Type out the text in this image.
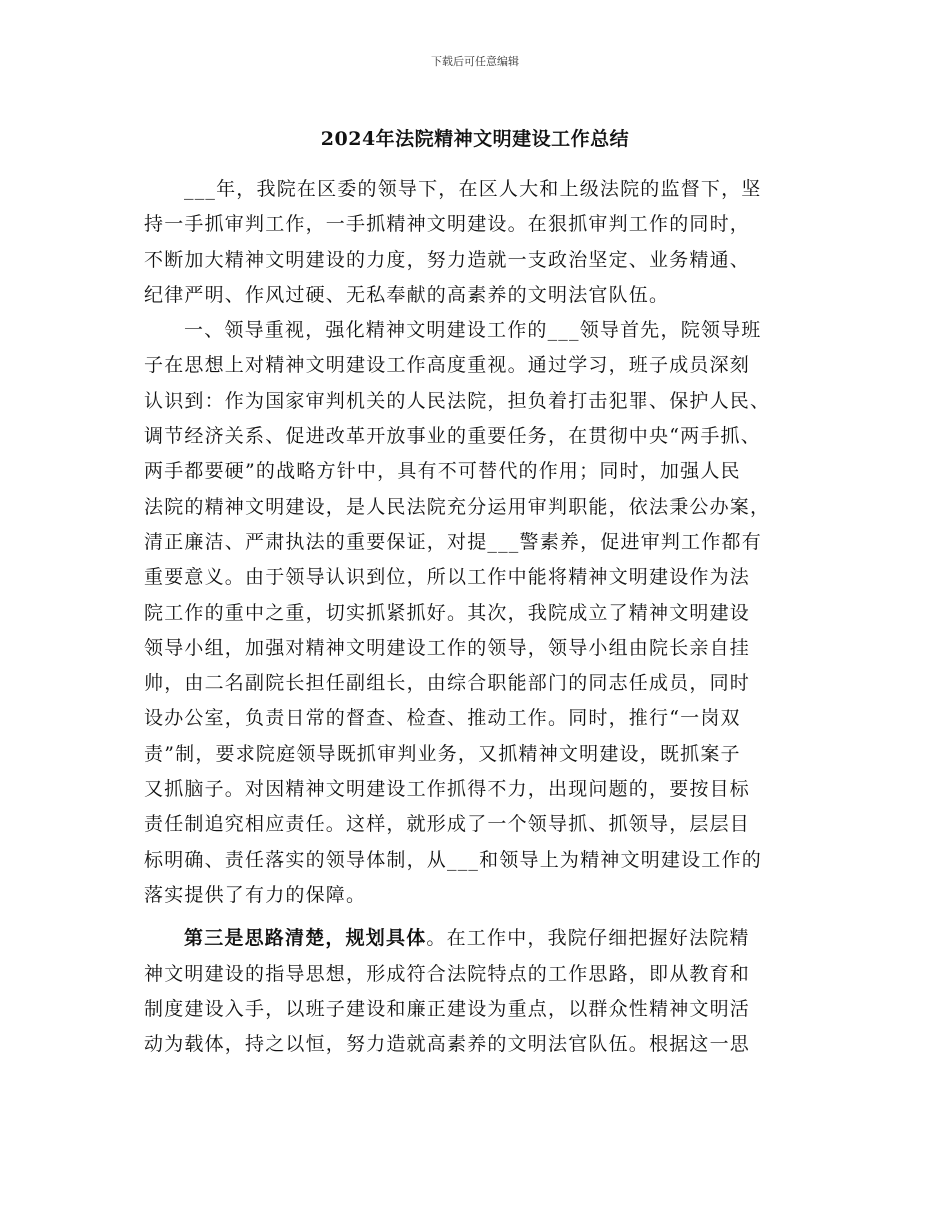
下载后可任意编辑
2024年法院精神文明建设工作总结
___年，我院在区委的领导下，在区人大和上级法院的监督下，坚
持一手抓审判工作，一手抓精神文明建设。在狠抓审判工作的同时，
不断加大精神文明建设的力度，努力造就一支政治坚定、业务精通、
纪律严明、作风过硬、无私奉献的高素养的文明法官队伍。
一、领导重视，强化精神文明建设工作的___领导首先，院领导班
子在思想上对精神文明建设工作高度重视。通过学习，班子成员深刻
认识到：作为国家审判机关的人民法院，担负着打击犯罪、保护人民、
调节经济关系、促进改革开放事业的重要任务，在贯彻中央“两手抓、
两手都要硬”的战略方针中，具有不可替代的作用；同时，加强人民
法院的精神文明建设，是人民法院充分运用审判职能，依法秉公办案，
清正廉洁、严肃执法的重要保证，对提___警素养，促进审判工作都有
重要意义。由于领导认识到位，所以工作中能将精神文明建设作为法
院工作的重中之重，切实抓紧抓好。其次，我院成立了精神文明建设
领导小组，加强对精神文明建设工作的领导，领导小组由院长亲自挂
帅，由二名副院长担任副组长，由综合职能部门的同志任成员，同时
设办公室，负责日常的督查、检查、推动工作。同时，推行“一岗双
责”制，要求院庭领导既抓审判业务，又抓精神文明建设，既抓案子
又抓脑子。对因精神文明建设工作抓得不力，出现问题的，要按目标
责任制追究相应责任。这样，就形成了一个领导抓、抓领导，层层目
标明确、责任落实的领导体制，从___和领导上为精神文明建设工作的
落实提供了有力的保障。
第三是思路清楚，规划具体。在工作中，我院仔细把握好法院精
神文明建设的指导思想，形成符合法院特点的工作思路，即从教育和
制度建设入手，以班子建设和廉正建设为重点，以群众性精神文明活
动为载体，持之以恒，努力造就高素养的文明法官队伍。根据这一思
